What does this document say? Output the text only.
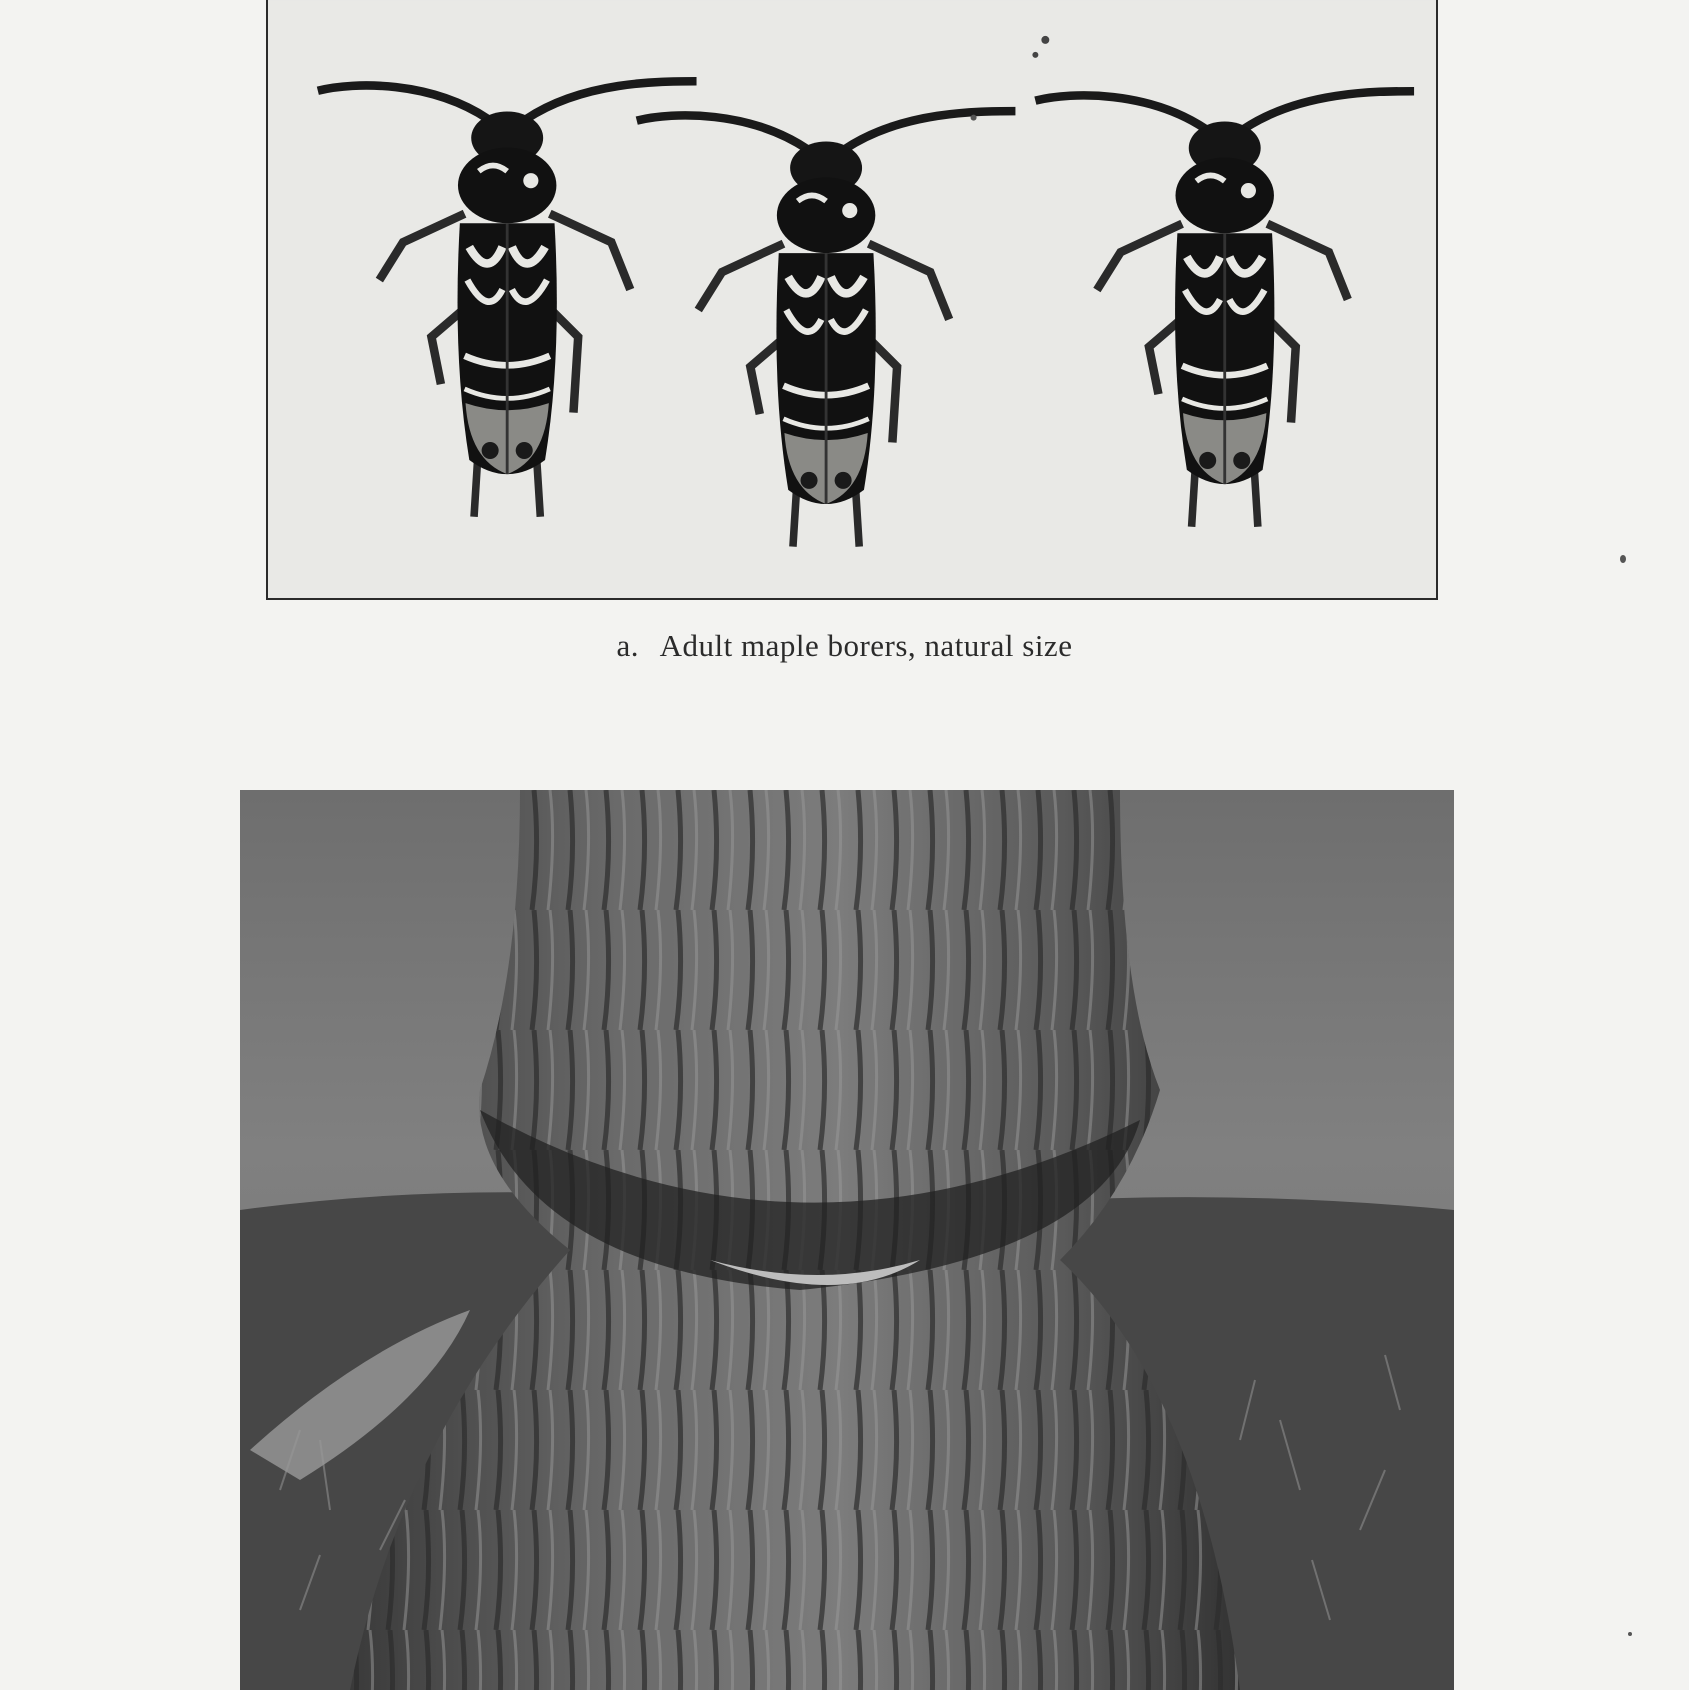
a. Adult maple borers, natural size
